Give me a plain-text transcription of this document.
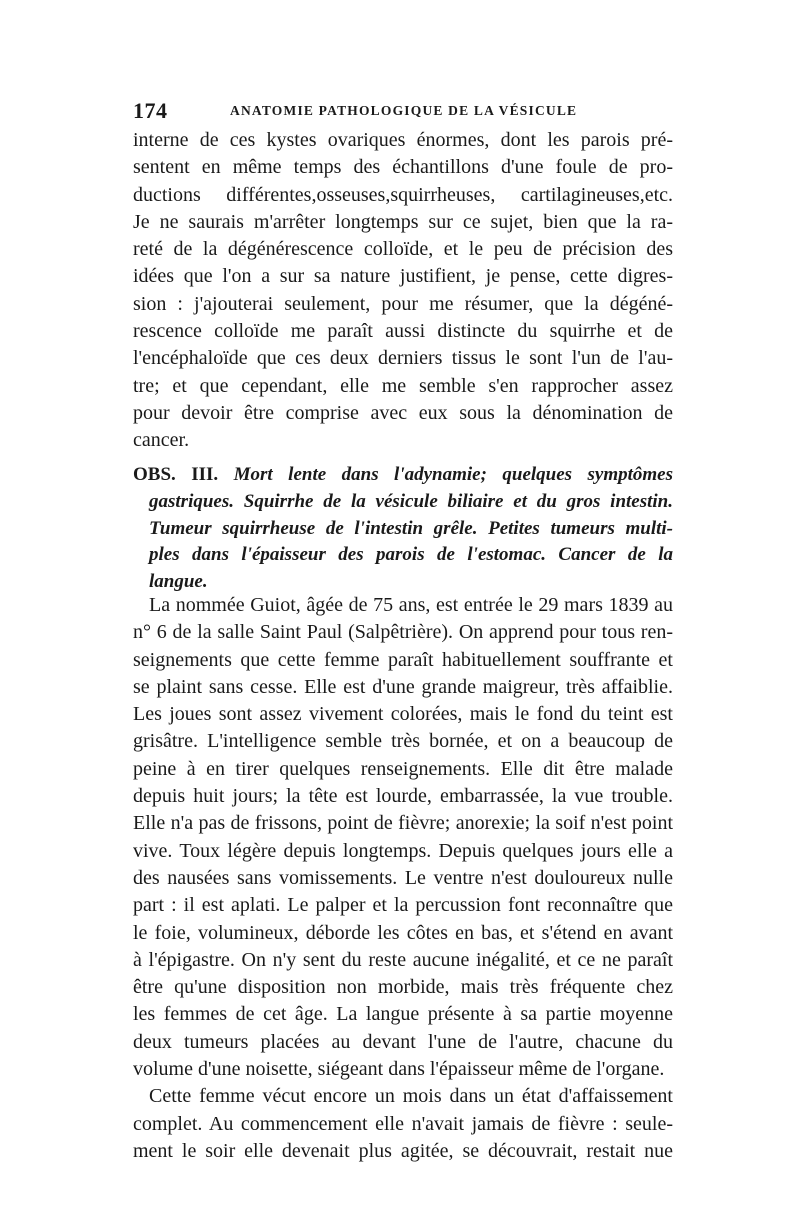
174	ANATOMIE PATHOLOGIQUE DE LA VÉSICULE
interne de ces kystes ovariques énormes, dont les parois pré-
sentent en même temps des échantillons d'une foule de pro-
ductions différentes,osseuses,squirrheuses, cartilagineuses,etc.
Je ne saurais m'arrêter longtemps sur ce sujet, bien que la ra-
reté de la dégénérescence colloïde, et le peu de précision des
idées que l'on a sur sa nature justifient, je pense, cette digres-
sion : j'ajouterai seulement, pour me résumer, que la dégéné-
rescence colloïde me paraît aussi distincte du squirrhe et de
l'encéphaloïde que ces deux derniers tissus le sont l'un de l'au-
tre; et que cependant, elle me semble s'en rapprocher assez
pour devoir être comprise avec eux sous la dénomination de
cancer.
OBS. III. Mort lente dans l'adynamie; quelques symptômes
gastriques. Squirrhe de la vésicule biliaire et du gros intestin.
Tumeur squirrheuse de l'intestin grêle. Petites tumeurs multi-
ples dans l'épaisseur des parois de l'estomac. Cancer de la
langue.
La nommée Guiot, âgée de 75 ans, est entrée le 29 mars 1839 au
n° 6 de la salle Saint Paul (Salpêtrière). On apprend pour tous ren-
seignements que cette femme paraît habituellement souffrante et
se plaint sans cesse. Elle est d'une grande maigreur, très affaiblie.
Les joues sont assez vivement colorées, mais le fond du teint est
grisâtre. L'intelligence semble très bornée, et on a beaucoup de
peine à en tirer quelques renseignements. Elle dit être malade
depuis huit jours; la tête est lourde, embarrassée, la vue trouble.
Elle n'a pas de frissons, point de fièvre; anorexie; la soif n'est point
vive. Toux légère depuis longtemps. Depuis quelques jours elle a
des nausées sans vomissements. Le ventre n'est douloureux nulle
part : il est aplati. Le palper et la percussion font reconnaître que
le foie, volumineux, déborde les côtes en bas, et s'étend en avant
à l'épigastre. On n'y sent du reste aucune inégalité, et ce ne paraît
être qu'une disposition non morbide, mais très fréquente chez
les femmes de cet âge. La langue présente à sa partie moyenne
deux tumeurs placées au devant l'une de l'autre, chacune du
volume d'une noisette, siégeant dans l'épaisseur même de l'organe.
Cette femme vécut encore un mois dans un état d'affaissement
complet. Au commencement elle n'avait jamais de fièvre : seule-
ment le soir elle devenait plus agitée, se découvrait, restait nue
